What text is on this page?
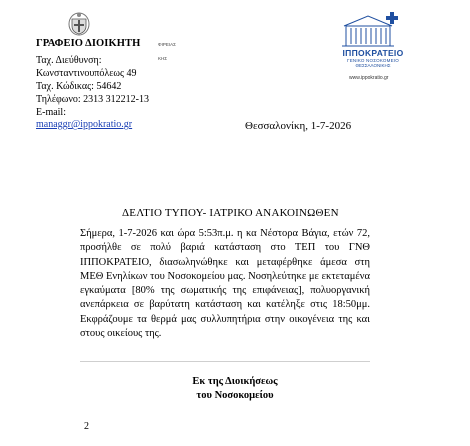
ΓΡΑΦΕΙΟ ΔΙΟΙΚΗΤΗ	ΦΙΡΕΙΑΣ
ΚΗΣ
Ταχ. Διεύθυνση:
Κωνσταντινουπόλεως 49
Ταχ. Κώδικας: 54642
Τηλέφωνο: 2313 312212-13
E-mail:
managgr@ippokratio.gr
ΙΠΠΟΚΡΑΤΕΙΟ
ΓΕΝΙΚΟ ΝΟΣΟΚΟΜΕΙΟ
ΘΕΣΣΑΛΟΝΙΚΗΣ
www.ippokratio.gr
Θεσσαλονίκη, 1-7-2026
ΔΕΛΤΙΟ ΤΥΠΟΥ- ΙΑΤΡΙΚΟ ΑΝΑΚΟΙΝΩΘΕΝ
Σήμερα, 1-7-2026 και ώρα 5:53π.μ. η κα Νέστορα Βάγια, ετών 72, προσήλθε σε πολύ βαριά κατάσταση στο ΤΕΠ του ΓΝΘ ΙΠΠΟΚΡΑΤΕΙΟ, διασωληνώθηκε και μεταφέρθηκε άμεσα στη ΜΕΘ Ενηλίκων του Νοσοκομείου μας. Νοσηλεύτηκε με εκτεταμένα εγκαύματα [80% της σωματικής της επιφάνειας], πολυοργανική ανεπάρκεια σε βαρύτατη κατάσταση και κατέληξε στις 18:50μμ. Εκφράζουμε τα θερμά μας συλλυπητήρια στην οικογένεια της και στους οικείους της.
Εκ της Διοικήσεως
του Νοσοκομείου
2
